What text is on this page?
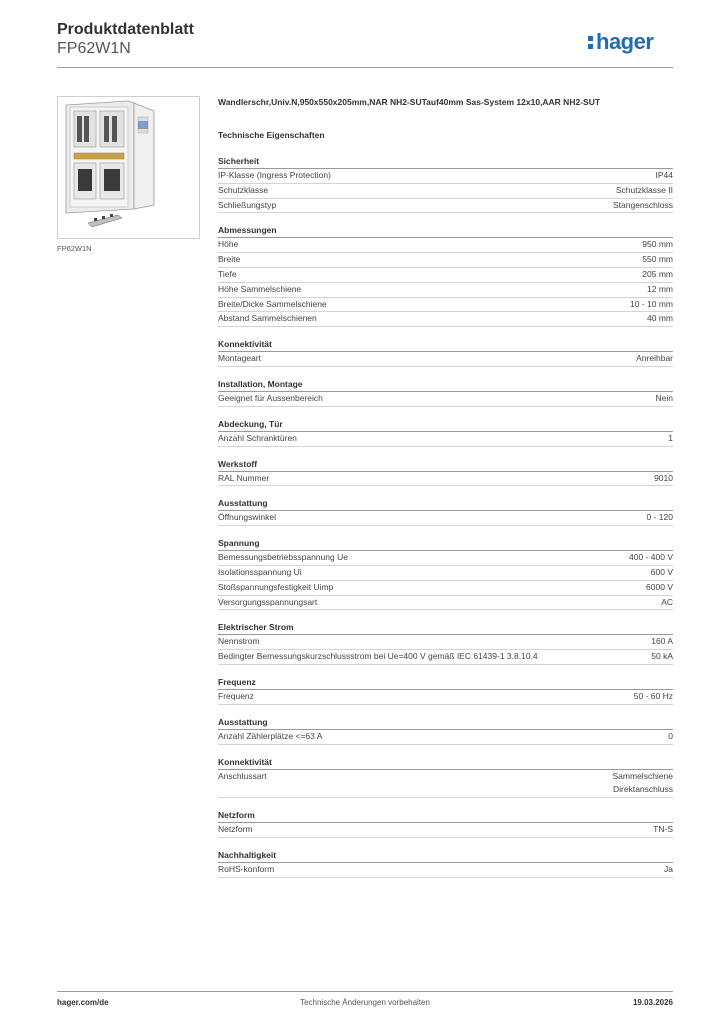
Produktdatenblatt
FP62W1N	hager
FP62W1N
Wandlerschr,Univ.N,950x550x205mm,NAR NH2-SUTauf40mm Sas-System 12x10,AAR NH2-SUT
Technische Eigenschaften
Sicherheit
IP-Klasse (Ingress Protection)	IP44
Schutzklasse	Schutzklasse II
Schließungstyp	Stangenschloss
Abmessungen
Höhe	950 mm
Breite	550 mm
Tiefe	205 mm
Höhe Sammelschiene	12 mm
Breite/Dicke Sammelschiene	10 - 10 mm
Abstand Sammelschienen	40 mm
Konnektivität
Montageart	Anreihbar
Installation, Montage
Geeignet für Aussenbereich	Nein
Abdeckung, Tür
Anzahl Schranktüren	1
Werkstoff
RAL Nummer	9010
Ausstattung
Öffnungswinkel	0 - 120
Spannung
Bemessungsbetriebsspannung Ue	400 - 400 V
Isolationsspannung Ui	600 V
Stoßspannungsfestigkeit Uimp	6000 V
Versorgungsspannungsart	AC
Elektrischer Strom
Nennstrom	160 A
Bedingter Bemessungskurzschlussstrom bei Ue=400 V gemäß IEC 61439-1 3.8.10.4	50 kA
Frequenz
Frequenz	50 - 60 Hz
Ausstattung
Anzahl Zählerplätze <=63 A	0
Konnektivität
Anschlussart	Sammelschiene
Direktanschluss
Netzform
Netzform	TN-S
Nachhaltigkeit
RoHS-konform	Ja
hager.com/de	Technische Änderungen vorbehalten	19.03.2026
